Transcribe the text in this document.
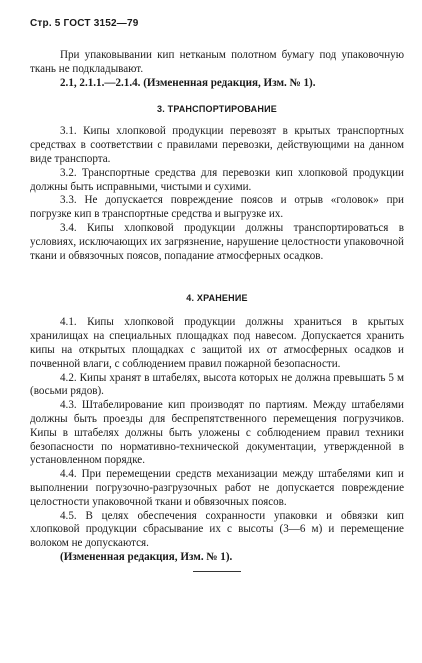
Стр. 5 ГОСТ 3152—79

При упаковывании кип нетканым полотном бумагу под упаковочную ткань не подкладывают.

2.1, 2.1.1.—2.1.4. (Измененная редакция, Изм. № 1).

3. ТРАНСПОРТИРОВАНИЕ

3.1. Кипы хлопковой продукции перевозят в крытых транспортных средствах в соответствии с правилами перевозки, действующими на данном виде транспорта.

3.2. Транспортные средства для перевозки кип хлопковой продукции должны быть исправными, чистыми и сухими.

3.3. Не допускается повреждение поясов и отрыв «головок» при погрузке кип в транспортные средства и выгрузке их.

3.4. Кипы хлопковой продукции должны транспортироваться в условиях, исключающих их загрязнение, нарушение целостности упаковочной ткани и обвязочных поясов, попадание атмосферных осадков.

4. ХРАНЕНИЕ

4.1. Кипы хлопковой продукции должны храниться в крытых хранилищах на специальных площадках под навесом. Допускается хранить кипы на открытых площадках с защитой их от атмосферных осадков и почвенной влаги, с соблюдением правил пожарной безопасности.

4.2. Кипы хранят в штабелях, высота которых не должна превышать 5 м (восьми рядов).

4.3. Штабелирование кип производят по партиям. Между штабелями должны быть проезды для беспрепятственного перемещения погрузчиков. Кипы в штабелях должны быть уложены с соблюдением правил техники безопасности по нормативно-технической документации, утвержденной в установленном порядке.

4.4. При перемещении средств механизации между штабелями кип и выполнении погрузочно-разгрузочных работ не допускается повреждение целостности упаковочной ткани и обвязочных поясов.

4.5. В целях обеспечения сохранности упаковки и обвязки кип хлопковой продукции сбрасывание их с высоты (3—6 м) и перемещение волоком не допускаются.

(Измененная редакция, Изм. № 1).
